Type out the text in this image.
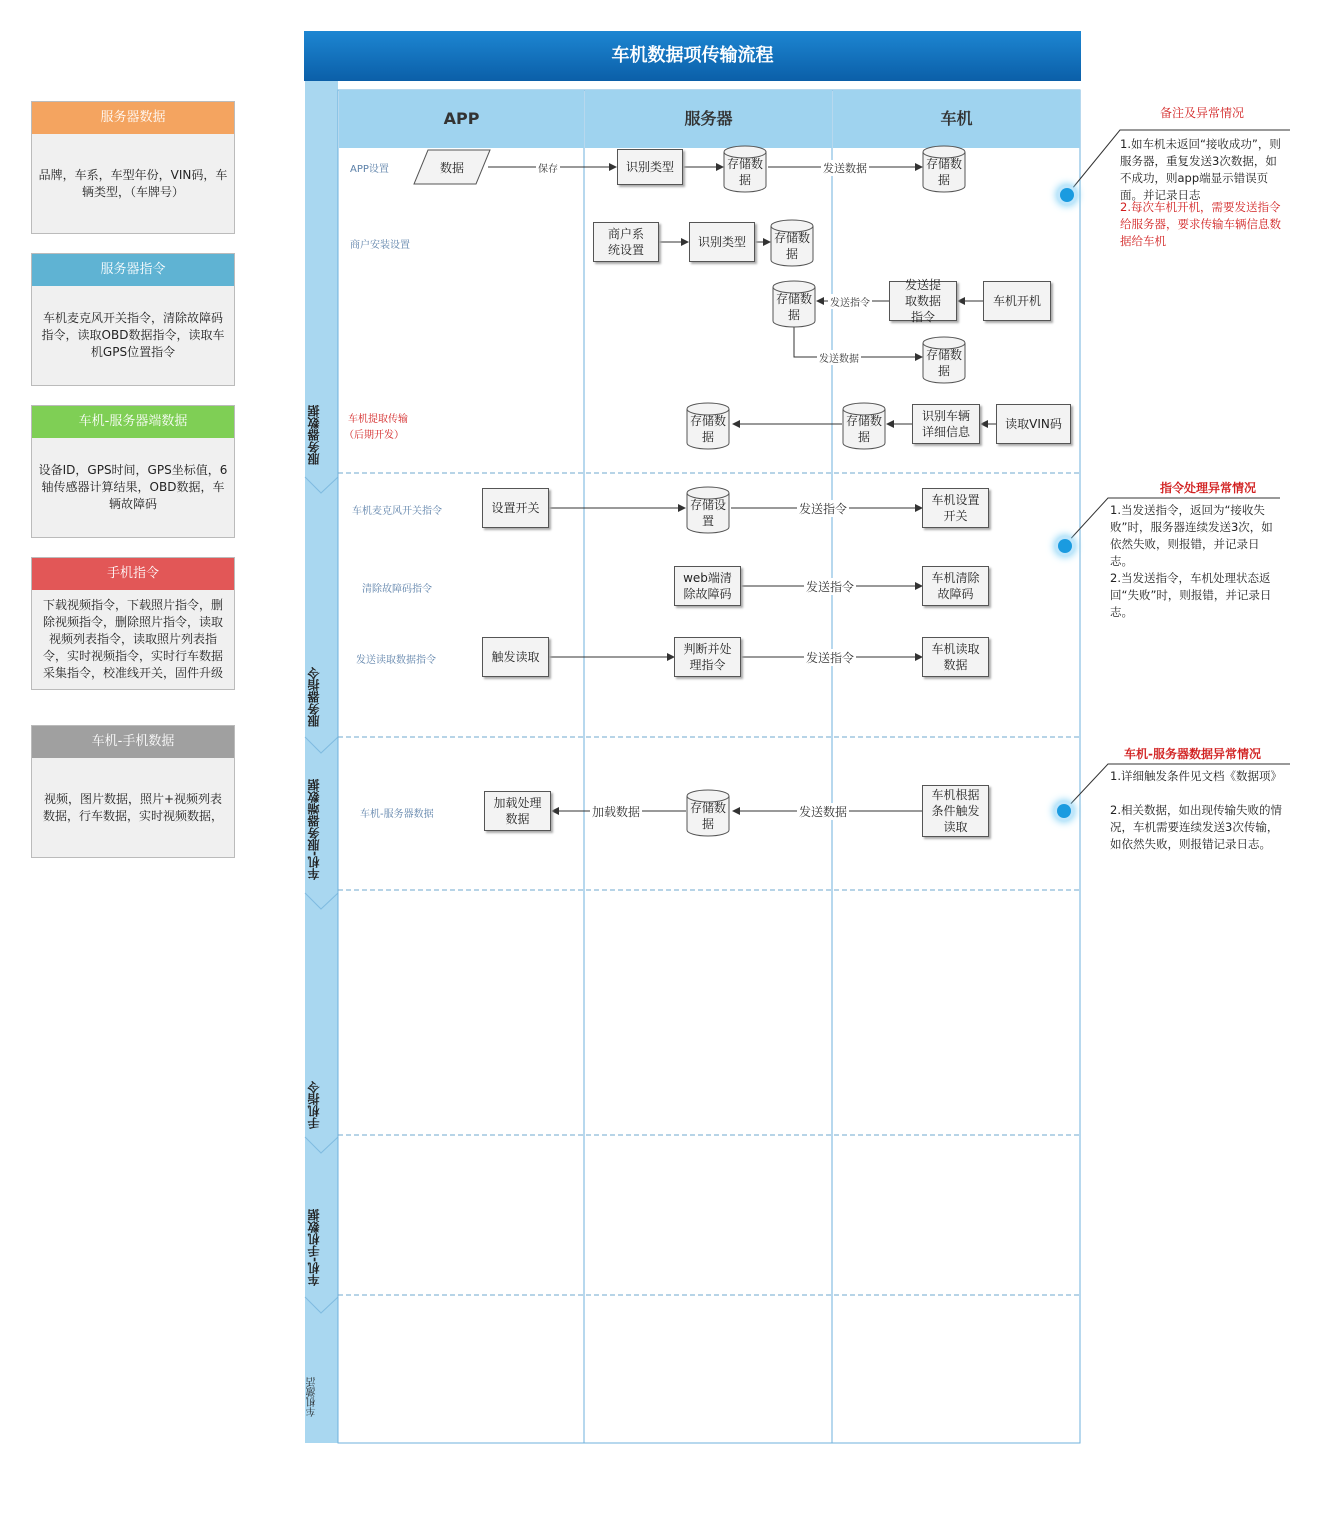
服务器数据
品牌，车系，车型年份，VIN码，车辆类型，（车牌号）
服务器指令
车机麦克风开关指令，清除故障码指令，读取OBD数据指令，读取车机GPS位置指令
车机-服务器端数据
设备ID，GPS时间，GPS坐标值，6轴传感器计算结果，OBD数据，车辆故障码
手机指令
下载视频指令，下载照片指令，删除视频指令，删除照片指令，读取视频列表指令，读取照片列表指令，实时视频指令，实时行车数据采集指令，校准线开关，固件升级
车机-手机数据
视频，图片数据，照片+视频列表数据，行车数据，实时视频数据，
车机数据项传输流程
APP	服务器	车机
服务器数据
服务器指令
车机-服务器端数据
手机指令
车机-手机数据
车机激活
APP设置
商户安装设置
车机提取传输
（后期开发）
车机麦克风开关指令
清除故障码指令
发送读取数据指令
车机-服务器数据
数据	识别类型	存储数据
存储数据
保存	发送数据
商户系统设置
识别类型	存储数据
存储数据
发送提取数据指令
车机开机
发送指令
存储数据
发送数据
存储数据
存储数据
识别车辆详细信息
读取VIN码
设置开关	存储设置
车机设置开关
发送指令
web端清除故障码
车机清除故障码
发送指令
触发读取
判断并处理指令
车机读取数据
发送指令
加载处理数据
存储数据
车机根据条件触发读取
加载数据	发送数据
备注及异常情况
1.如车机未返回“接收成功”，则服务器，重复发送3次数据，如不成功，则app端显示错误页面。并记录日志
2.每次车机开机，需要发送指令给服务器，要求传输车辆信息数据给车机
指令处理异常情况
1.当发送指令，返回为“接收失败”时，服务器连续发送3次，如依然失败，则报错，并记录日志。
2.当发送指令，车机处理状态返回“失败”时，则报错，并记录日志。
车机-服务器数据异常情况
1.详细触发条件见文档《数据项》
2.相关数据，如出现传输失败的情况，车机需要连续发送3次传输，如依然失败，则报错记录日志。
